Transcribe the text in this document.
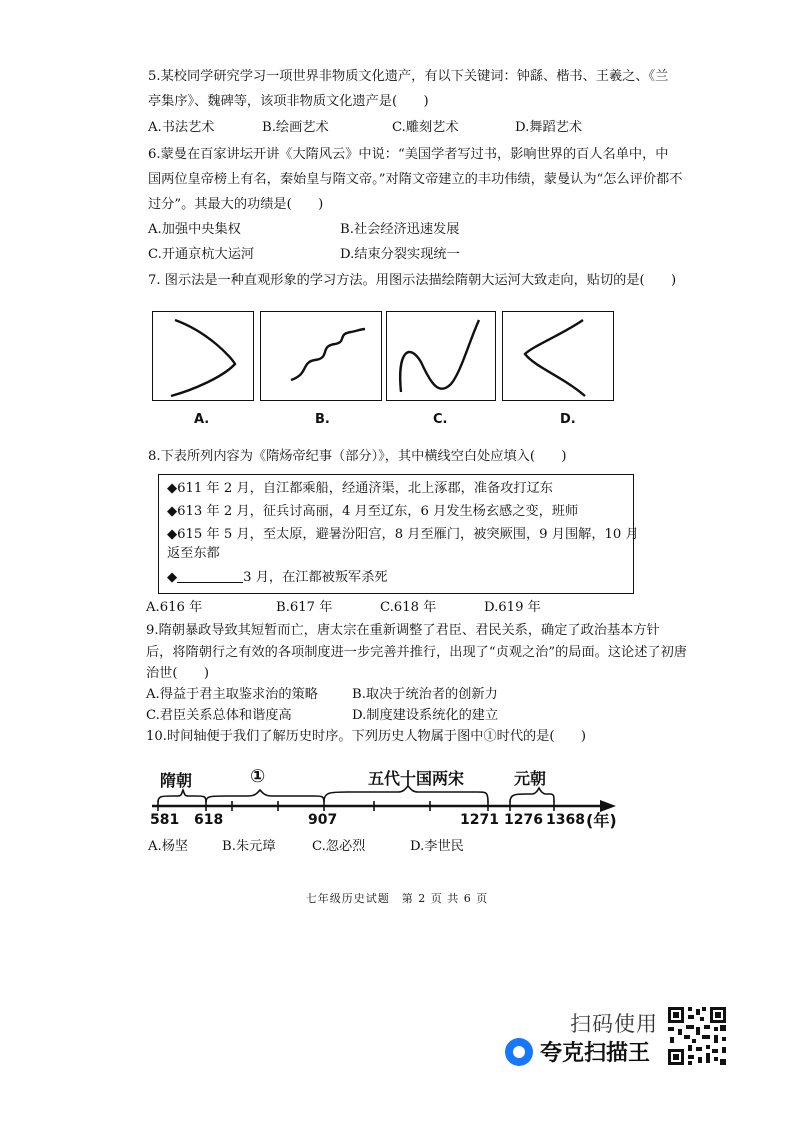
5.某校同学研究学习一项世界非物质文化遗产，有以下关键词：钟繇、楷书、王羲之、《兰
亭集序》、魏碑等，该项非物质文化遗产是(　　)
A.书法艺术	B.绘画艺术	C.雕刻艺术	D.舞蹈艺术
6.蒙曼在百家讲坛开讲《大隋风云》中说：“美国学者写过书，影响世界的百人名单中，中
国两位皇帝榜上有名，秦始皇与隋文帝。”对隋文帝建立的丰功伟绩，蒙曼认为“怎么评价都不
过分”。其最大的功绩是(　　)
A.加强中央集权	B.社会经济迅速发展
C.开通京杭大运河	D.结束分裂实现统一
7. 图示法是一种直观形象的学习方法。用图示法描绘隋朝大运河大致走向，贴切的是(　　)
A.	B.	C.	D.
8.下表所列内容为《隋炀帝纪事（部分）》，其中横线空白处应填入(　　)
◆611 年 2 月，自江都乘船，经通济渠，北上涿郡，准备攻打辽东
◆613 年 2 月，征兵讨高丽，4 月至辽东，6 月发生杨玄感之变，班师
◆615 年 5 月，至太原，避暑汾阳宫，8 月至雁门，被突厥围，9 月围解，10 月
返至东都
◆	3 月，在江都被叛军杀死
A.616 年	B.617 年	C.618 年	D.619 年
9.隋朝暴政导致其短暂而亡，唐太宗在重新调整了君臣、君民关系，确定了政治基本方针
后，将隋朝行之有效的各项制度进一步完善并推行，出现了“贞观之治”的局面。这论述了初唐
治世(　　)
A.得益于君主取鉴求治的策略	B.取决于统治者的创新力
C.君臣关系总体和谐度高	D.制度建设系统化的建立
10.时间轴便于我们了解历史时序。下列历史人物属于图中①时代的是(　　)
隋朝	①	五代十国两宋	元朝
581 618	907	1271 1276 1368 (年)
A.杨坚	B.朱元璋	C.忽必烈	D.李世民
七年级历史试题　第 2 页 共 6 页
扫码使用
夸克扫描王
